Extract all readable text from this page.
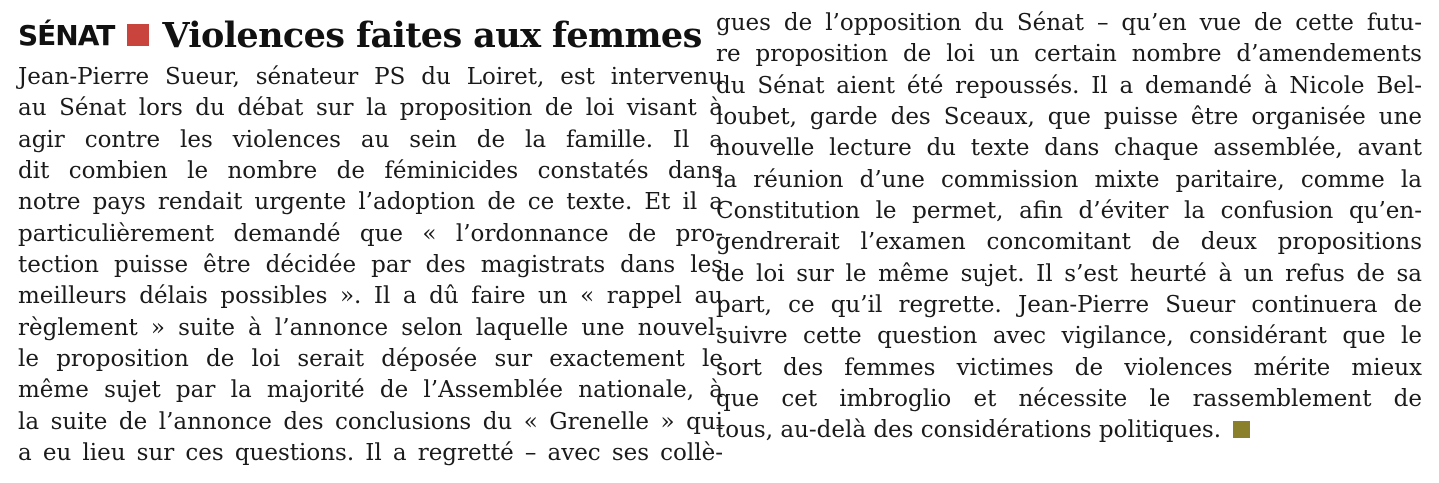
SÉNAT Violences faites aux femmes
Jean-Pierre Sueur, sénateur PS du Loiret, est intervenu
au Sénat lors du débat sur la proposition de loi visant à
agir contre les violences au sein de la famille. Il a
dit combien le nombre de féminicides constatés dans
notre pays rendait urgente l’adoption de ce texte. Et il a
particulièrement demandé que « l’ordonnance de pro-
tection puisse être décidée par des magistrats dans les
meilleurs délais possibles ». Il a dû faire un « rappel au
règlement » suite à l’annonce selon laquelle une nouvel-
le proposition de loi serait déposée sur exactement le
même sujet par la majorité de l’Assemblée nationale, à
la suite de l’annonce des conclusions du « Grenelle » qui
a eu lieu sur ces questions. Il a regretté – avec ses collè-
gues de l’opposition du Sénat – qu’en vue de cette futu-
re proposition de loi un certain nombre d’amendements
du Sénat aient été repoussés. Il a demandé à Nicole Bel-
loubet, garde des Sceaux, que puisse être organisée une
nouvelle lecture du texte dans chaque assemblée, avant
la réunion d’une commission mixte paritaire, comme la
Constitution le permet, afin d’éviter la confusion qu’en-
gendrerait l’examen concomitant de deux propositions
de loi sur le même sujet. Il s’est heurté à un refus de sa
part, ce qu’il regrette. Jean-Pierre Sueur continuera de
suivre cette question avec vigilance, considérant que le
sort des femmes victimes de violences mérite mieux
que cet imbroglio et nécessite le rassemblement de
tous, au-delà des considérations politiques.
